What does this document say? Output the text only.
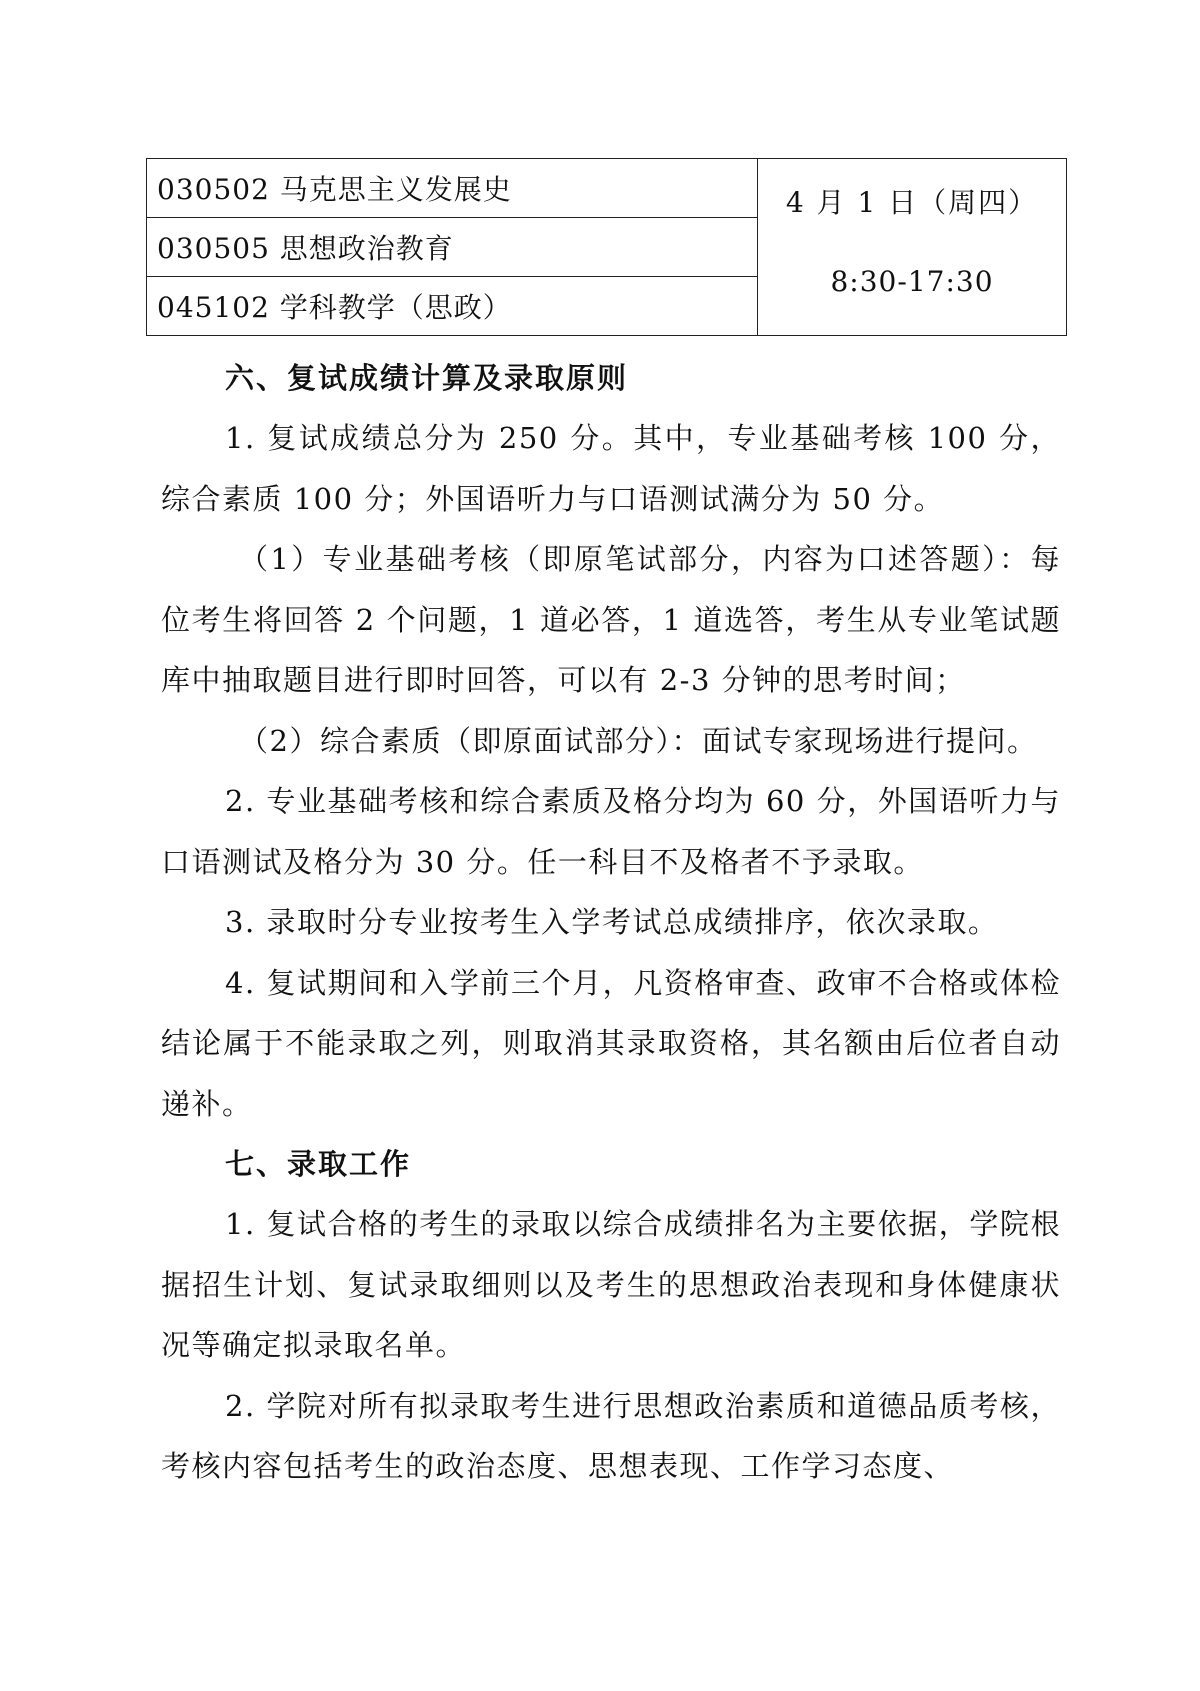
030502 马克思主义发展史	4 月 1 日（周四）
8:30-17:30

030505 思想政治教育
045102 学科教学（思政）
六、复试成绩计算及录取原则

1. 复试成绩总分为 250 分。其中，专业基础考核 100 分，综合素质 100 分；外国语听力与口语测试满分为 50 分。

（1）专业基础考核（即原笔试部分，内容为口述答题）：每位考生将回答 2 个问题，1 道必答，1 道选答，考生从专业笔试题库中抽取题目进行即时回答，可以有 2-3 分钟的思考时间；

（2）综合素质（即原面试部分）：面试专家现场进行提问。

2. 专业基础考核和综合素质及格分均为 60 分，外国语听力与口语测试及格分为 30 分。任一科目不及格者不予录取。

3. 录取时分专业按考生入学考试总成绩排序，依次录取。

4. 复试期间和入学前三个月，凡资格审查、政审不合格或体检结论属于不能录取之列，则取消其录取资格，其名额由后位者自动递补。

七、录取工作

1. 复试合格的考生的录取以综合成绩排名为主要依据，学院根据招生计划、复试录取细则以及考生的思想政治表现和身体健康状况等确定拟录取名单。

2. 学院对所有拟录取考生进行思想政治素质和道德品质考核，考核内容包括考生的政治态度、思想表现、工作学习态度、
